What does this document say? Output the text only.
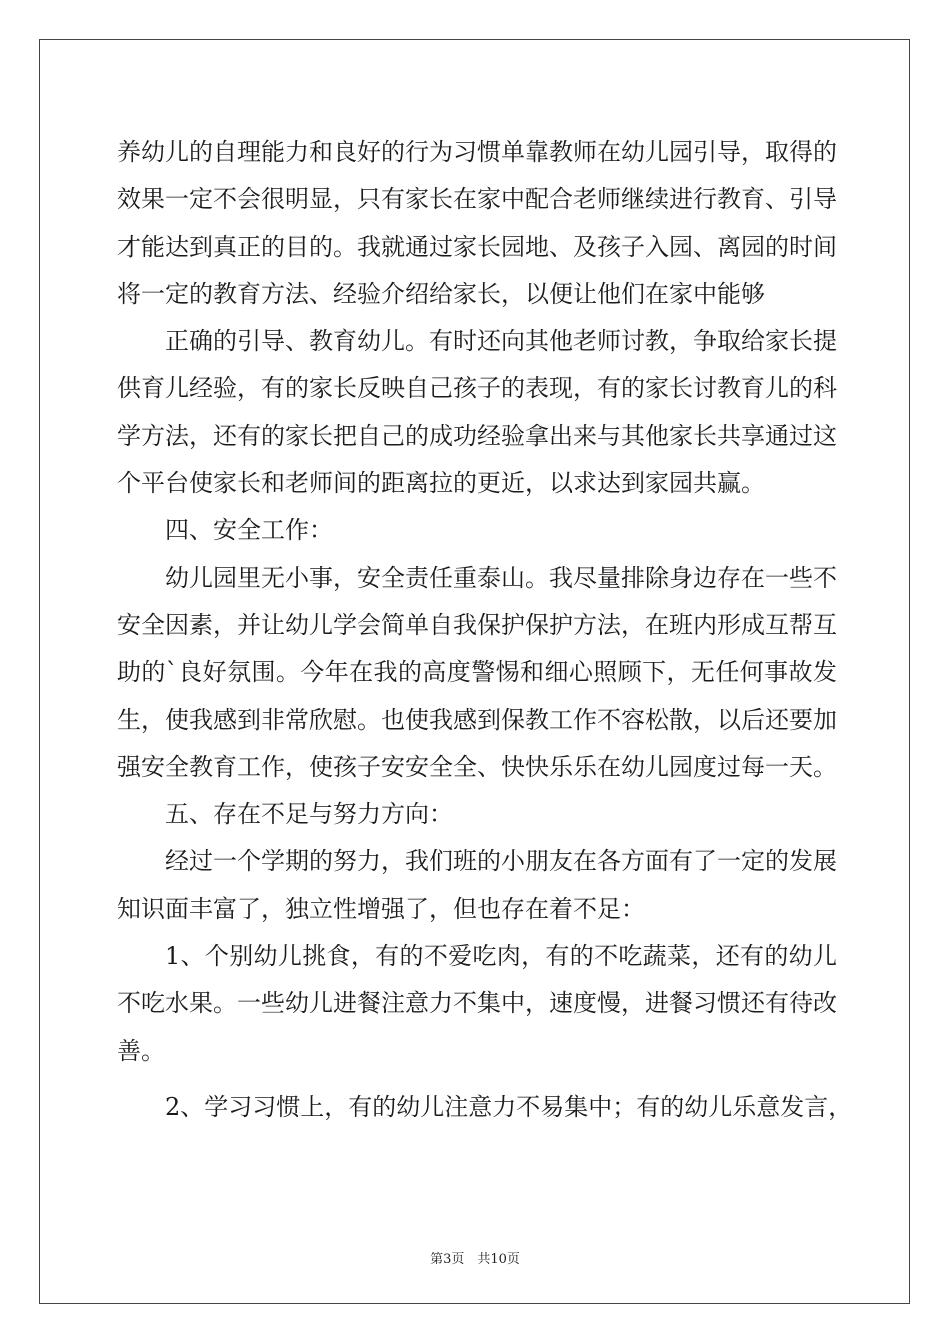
养幼儿的自理能力和良好的行为习惯单靠教师在幼儿园引导，取得的
效果一定不会很明显，只有家长在家中配合老师继续进行教育、引导
才能达到真正的目的。我就通过家长园地、及孩子入园、离园的时间
将一定的教育方法、经验介绍给家长，以便让他们在家中能够
正确的引导、教育幼儿。有时还向其他老师讨教，争取给家长提
供育儿经验，有的家长反映自己孩子的表现，有的家长讨教育儿的科
学方法，还有的家长把自己的成功经验拿出来与其他家长共享通过这
个平台使家长和老师间的距离拉的更近，以求达到家园共赢。
四、安全工作：
幼儿园里无小事，安全责任重泰山。我尽量排除身边存在一些不
安全因素，并让幼儿学会简单自我保护保护方法，在班内形成互帮互
助的`良好氛围。今年在我的高度警惕和细心照顾下，无任何事故发
生，使我感到非常欣慰。也使我感到保教工作不容松散，以后还要加
强安全教育工作，使孩子安安全全、快快乐乐在幼儿园度过每一天。
五、存在不足与努力方向：
经过一个学期的努力，我们班的小朋友在各方面有了一定的发展
知识面丰富了，独立性增强了，但也存在着不足：
1、个别幼儿挑食，有的不爱吃肉，有的不吃蔬菜，还有的幼儿
不吃水果。一些幼儿进餐注意力不集中，速度慢，进餐习惯还有待改
善。
2、学习习惯上，有的幼儿注意力不易集中；有的幼儿乐意发言，
第3页　共10页
